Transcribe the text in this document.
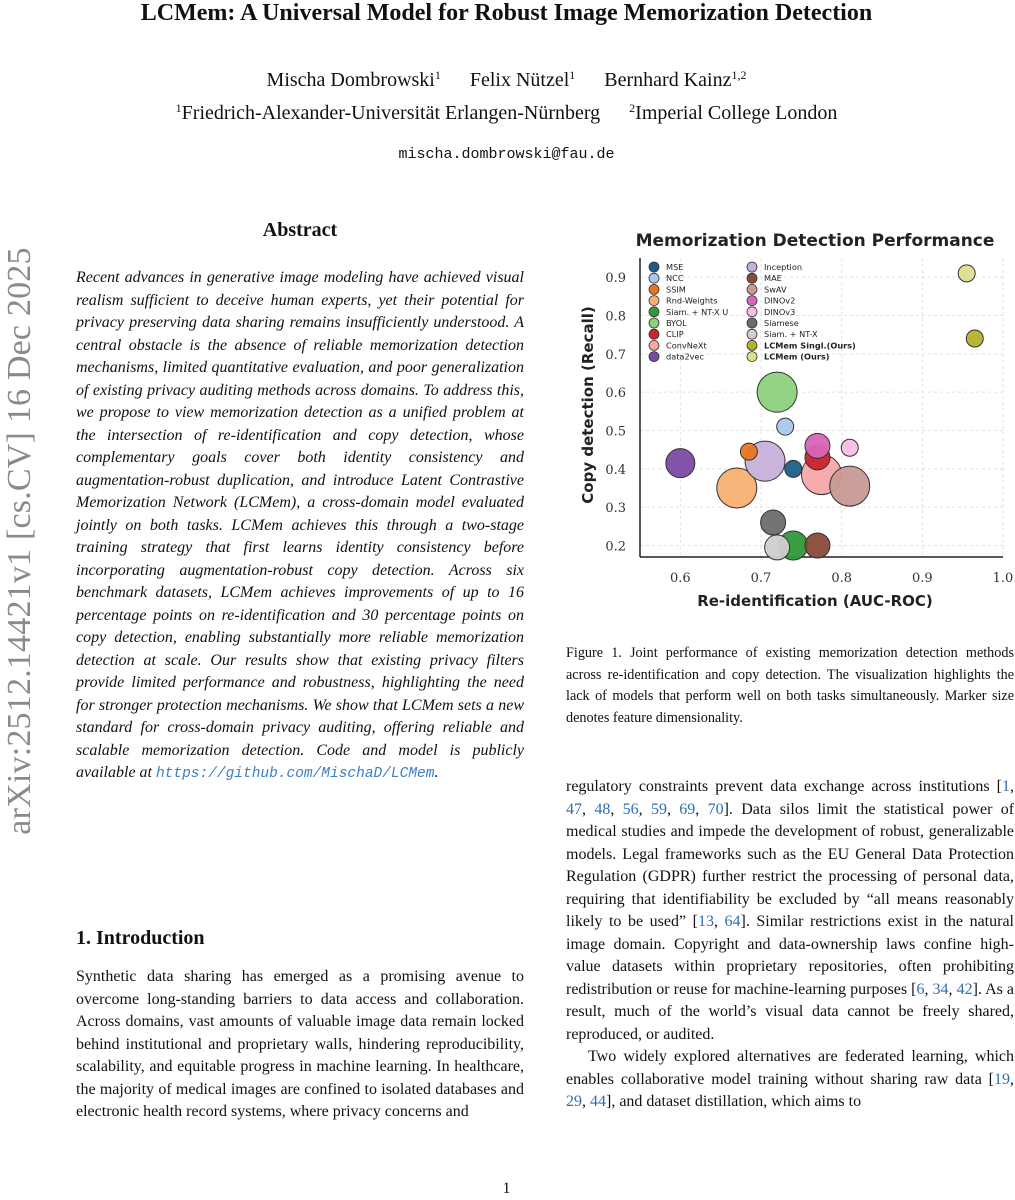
LCMem: A Universal Model for Robust Image Memorization Detection
Mischa Dombrowski$^1$ Felix Nützel$^1$ Bernhard Kainz$^{1,2}$
$^1$Friedrich-Alexander-Universität Erlangen-Nürnberg $^2$Imperial College London
mischa.dombrowski@fau.de
arXiv:2512.14421v1 [cs.CV] 16 Dec 2025
Abstract
Recent advances in generative image modeling have achieved visual realism sufficient to deceive human experts, yet their potential for privacy preserving data sharing remains insufficiently understood. A central obstacle is the absence of reliable memorization detection mechanisms, limited quantitative evaluation, and poor generalization of existing privacy auditing methods across domains. To address this, we propose to view memorization detection as a unified problem at the intersection of re-identification and copy detection, whose complementary goals cover both identity consistency and augmentation-robust duplication, and introduce Latent Contrastive Memorization Network (LCMem), a cross-domain model evaluated jointly on both tasks. LCMem achieves this through a two-stage training strategy that first learns identity consistency before incorporating augmentation-robust copy detection. Across six benchmark datasets, LCMem achieves improvements of up to 16 percentage points on re-identification and 30 percentage points on copy detection, enabling substantially more reliable memorization detection at scale. Our results show that existing privacy filters provide limited performance and robustness, highlighting the need for stronger protection mechanisms. We show that LCMem sets a new standard for cross-domain privacy auditing, offering reliable and scalable memorization detection. Code and model is publicly available at https://github.com/MischaD/LCMem.
1. Introduction
Synthetic data sharing has emerged as a promising avenue to overcome long-standing barriers to data access and collaboration. Across domains, vast amounts of valuable image data remain locked behind institutional and proprietary walls, hindering reproducibility, scalability, and equitable progress in machine learning. In healthcare, the majority of medical images are confined to isolated databases and electronic health record systems, where privacy concerns and
Memorization Detection Performance
0.6	0.7	0.8	0.9	1.0
0.2
0.3
0.4
0.5
0.6
0.7
0.8
0.9
MSE
NCC
SSIM
Rnd-Weights
Siam. + NT-X U
BYOL
CLIP
ConvNeXt
data2vec
Inception
MAE
SwAV
DINOv2
DINOv3
Siamese
Siam. + NT-X
LCMem Singl.(Ours)
LCMem (Ours)
Re-identification (AUC-ROC)
Copy detection (Recall)
Figure 1. Joint performance of existing memorization detection methods across re-identification and copy detection. The visualization highlights the lack of models that perform well on both tasks simultaneously. Marker size denotes feature dimensionality.

regulatory constraints prevent data exchange across institutions [1, 47, 48, 56, 59, 69, 70]. Data silos limit the statistical power of medical studies and impede the development of robust, generalizable models. Legal frameworks such as the EU General Data Protection Regulation (GDPR) further restrict the processing of personal data, requiring that identifiability be excluded by “all means reasonably likely to be used” [13, 64]. Similar restrictions exist in the natural image domain. Copyright and data-ownership laws confine high-value datasets within proprietary repositories, often prohibiting redistribution or reuse for machine-learning purposes [6, 34, 42]. As a result, much of the world’s visual data cannot be freely shared, reproduced, or audited.

Two widely explored alternatives are federated learning, which enables collaborative model training without sharing raw data [19, 29, 44], and dataset distillation, which aims to

1
